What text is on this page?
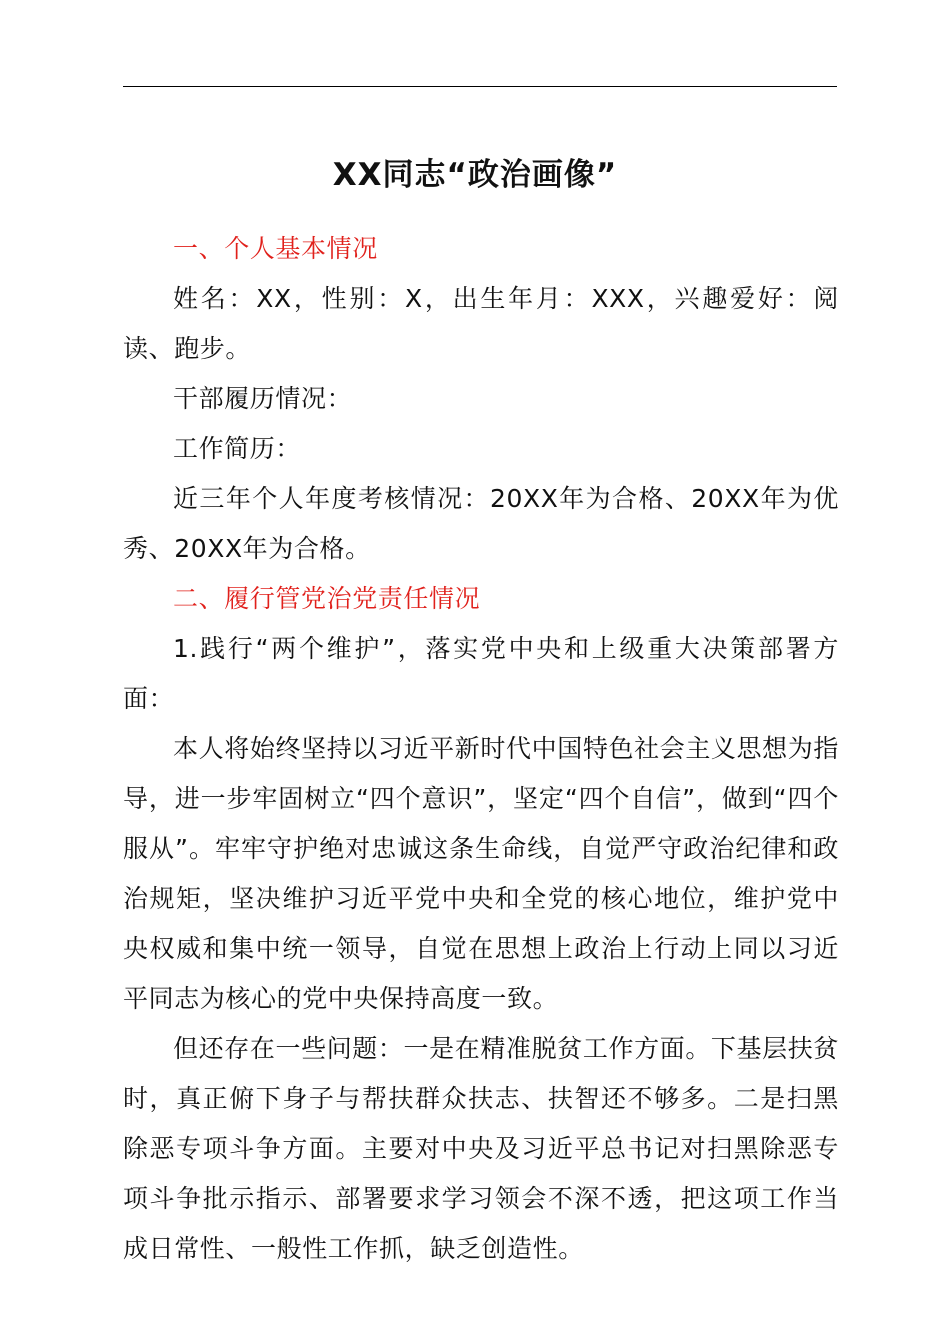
XX同志“政治画像”

一、个人基本情况

姓名：XX，性别：X，出生年月：XXX，兴趣爱好：阅读、跑步。

干部履历情况：

工作简历：

近三年个人年度考核情况：20XX年为合格、20XX年为优秀、20XX年为合格。

二、履行管党治党责任情况

1.践行“两个维护”，落实党中央和上级重大决策部署方面：

本人将始终坚持以习近平新时代中国特色社会主义思想为指导，进一步牢固树立“四个意识”，坚定“四个自信”，做到“四个服从”。牢牢守护绝对忠诚这条生命线，自觉严守政治纪律和政治规矩，坚决维护习近平党中央和全党的核心地位，维护党中央权威和集中统一领导，自觉在思想上政治上行动上同以习近平同志为核心的党中央保持高度一致。

但还存在一些问题：一是在精准脱贫工作方面。下基层扶贫时，真正俯下身子与帮扶群众扶志、扶智还不够多。二是扫黑除恶专项斗争方面。主要对中央及习近平总书记对扫黑除恶专项斗争批示指示、部署要求学习领会不深不透，把这项工作当成日常性、一般性工作抓，缺乏创造性。
